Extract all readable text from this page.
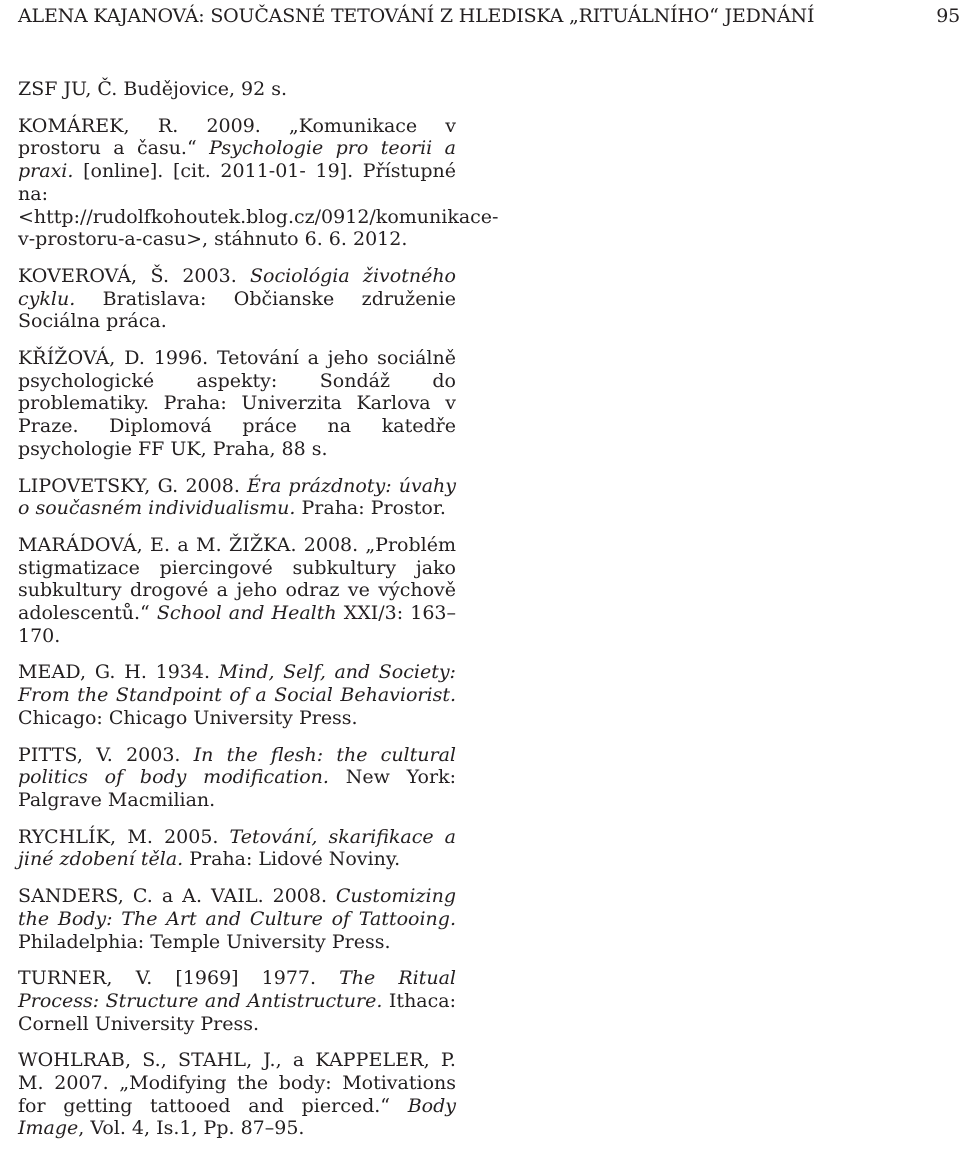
ALENA KAJANOVÁ: SOUČASNÉ TETOVÁNÍ Z HLEDISKA „RITUÁLNÍHO“ JEDNÁNÍ	95
ZSF JU, Č. Budějovice, 92 s.
KOMÁREK, R. 2009. „Komunikace v prostoru a času.“ Psychologie pro teorii a praxi. [online]. [cit. 2011-01- 19]. Přístupné na: <http://rudolfkohoutek.blog.cz/0912/komunikace-v-prostoru-a-casu>, stáhnuto 6. 6. 2012.
KOVEROVÁ, Š. 2003. Sociológia životného cyklu. Bratislava: Občianske združenie Sociálna práca.
KŘÍŽOVÁ, D. 1996. Tetování a jeho sociálně psychologické aspekty: Sondáž do problematiky. Praha: Univerzita Karlova v Praze. Diplomová práce na katedře psychologie FF UK, Praha, 88 s.
LIPOVETSKY, G. 2008. Éra prázdnoty: úvahy o současném individualismu. Praha: Prostor.
MARÁDOVÁ, E. a M. ŽIŽKA. 2008. „Problém stigmatizace piercingové subkultury jako subkultury drogové a jeho odraz ve výchově adolescentů.“ School and Health XXI/3: 163–170.
MEAD, G. H. 1934. Mind, Self, and Society: From the Standpoint of a Social Behaviorist. Chicago: Chicago University Press.
PITTS, V. 2003. In the flesh: the cultural politics of body modification. New York: Palgrave Macmilian.
RYCHLÍK, M. 2005. Tetování, skarifikace a jiné zdobení těla. Praha: Lidové Noviny.
SANDERS, C. a A. VAIL. 2008. Customizing the Body: The Art and Culture of Tattooing. Philadelphia: Temple University Press.
TURNER, V. [1969] 1977. The Ritual Process: Structure and Antistructure. Ithaca: Cornell University Press.
WOHLRAB, S., STAHL, J., a KAPPELER, P. M. 2007. „Modifying the body: Motivations for getting tattooed and pierced.“ Body Image, Vol. 4, Is.1, Pp. 87–95.
